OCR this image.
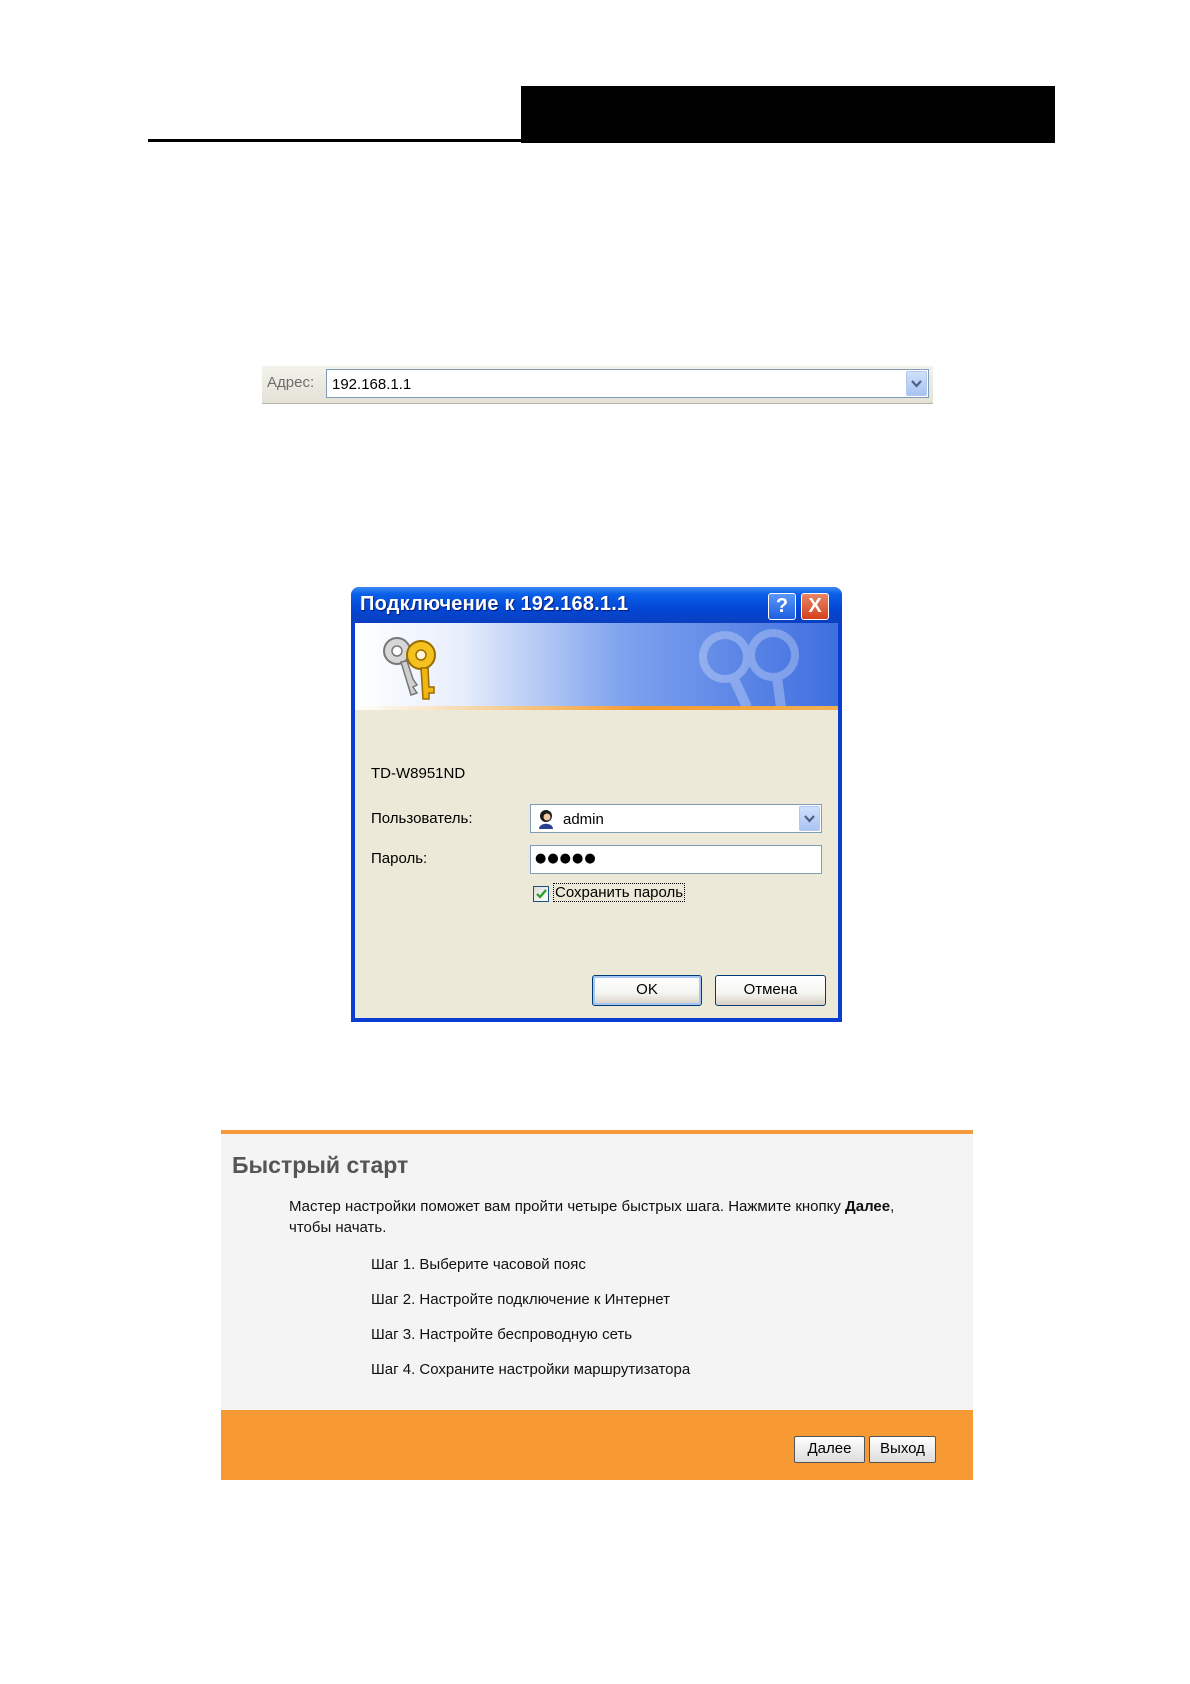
Адрес: 192.168.1.1
Подключение к 192.168.1.1	?	X
TD-W8951ND
Пользователь:	admin
Пароль:	●●●●●
Сохранить пароль
OK	Отмена
Быстрый старт
Мастер настройки поможет вам пройти четыре быстрых шага. Нажмите кнопку Далее, чтобы начать.
Шаг 1. Выберите часовой пояс
Шаг 2. Настройте подключение к Интернет
Шаг 3. Настройте беспроводную сеть
Шаг 4. Сохраните настройки маршрутизатора
Далее	Выход
